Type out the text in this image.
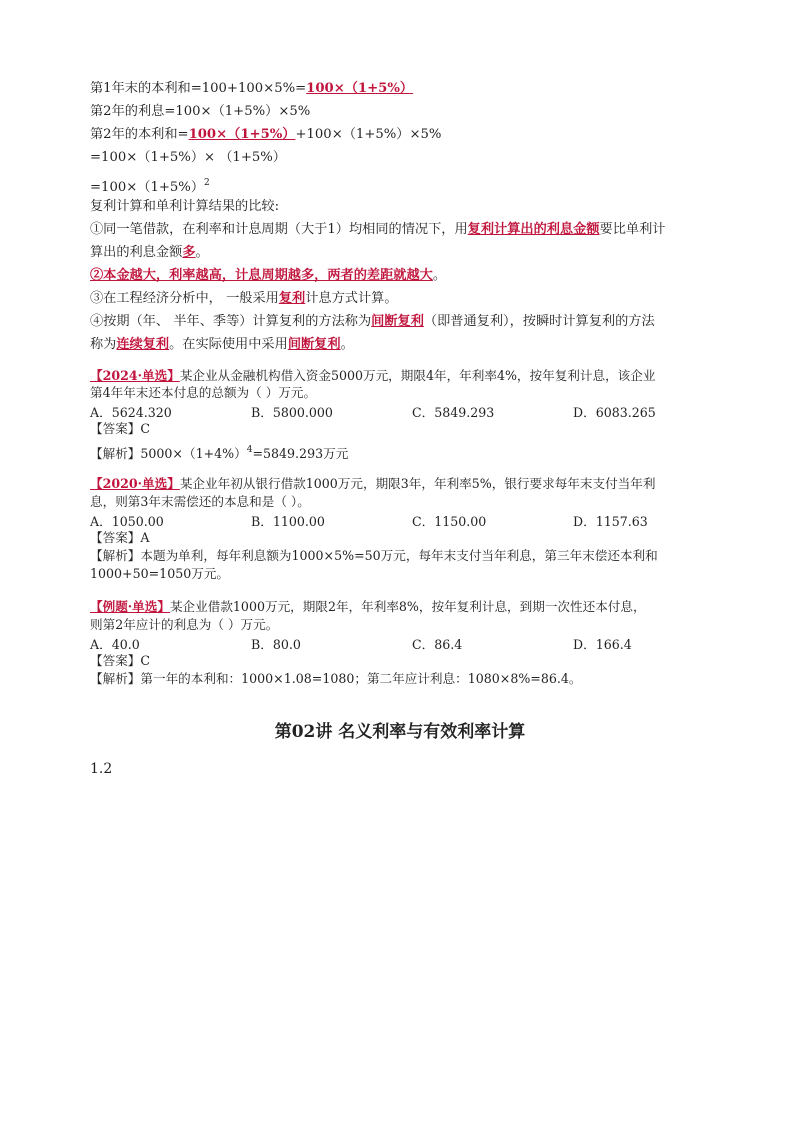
第1年末的本利和=100+100×5%=100×（1+5%）
第2年的利息=100×（1+5%）×5%
第2年的本利和=100×（1+5%）+100×（1+5%）×5%
=100×（1+5%）× （1+5%）
$=100\times(1+5\%)^2$
复利计算和单利计算结果的比较:
①同一笔借款，在利率和计息周期（大于1）均相同的情况下，用复利计算出的利息金额要比单利计
算出的利息金额多。
②本金越大，利率越高，计息周期越多，两者的差距就越大。
③在工程经济分析中， 一般采用复利计息方式计算。
④按期（年、 半年、季等）计算复利的方法称为间断复利（即普通复利），按瞬时计算复利的方法
称为连续复利。在实际使用中采用间断复利。
【2024·单选】某企业从金融机构借入资金5000万元，期限4年，年利率4%，按年复利计息，该企业
第4年年末还本付息的总额为（ ）万元。
A．5624.320	B．5800.000	C．5849.293	D．6083.265
【答案】C
【解析】$5000\times(1+4\%)^4=5849.293$万元
【2020·单选】某企业年初从银行借款1000万元，期限3年，年利率5%，银行要求每年末支付当年利
息，则第3年末需偿还的本息和是（ ）。
A．1050.00	B．1100.00	C．1150.00	D．1157.63
【答案】A
【解析】本题为单利，每年利息额为1000×5%=50万元，每年末支付当年利息，第三年末偿还本利和
1000+50=1050万元。
【例题·单选】某企业借款1000万元，期限2年，年利率8%，按年复利计息，到期一次性还本付息，
则第2年应计的利息为（ ）万元。
A．40.0	B．80.0	C．86.4	D．166.4
【答案】C
【解析】第一年的本利和：1000×1.08=1080；第二年应计利息：1080×8%=86.4。
第02讲 名义利率与有效利率计算
1.2
